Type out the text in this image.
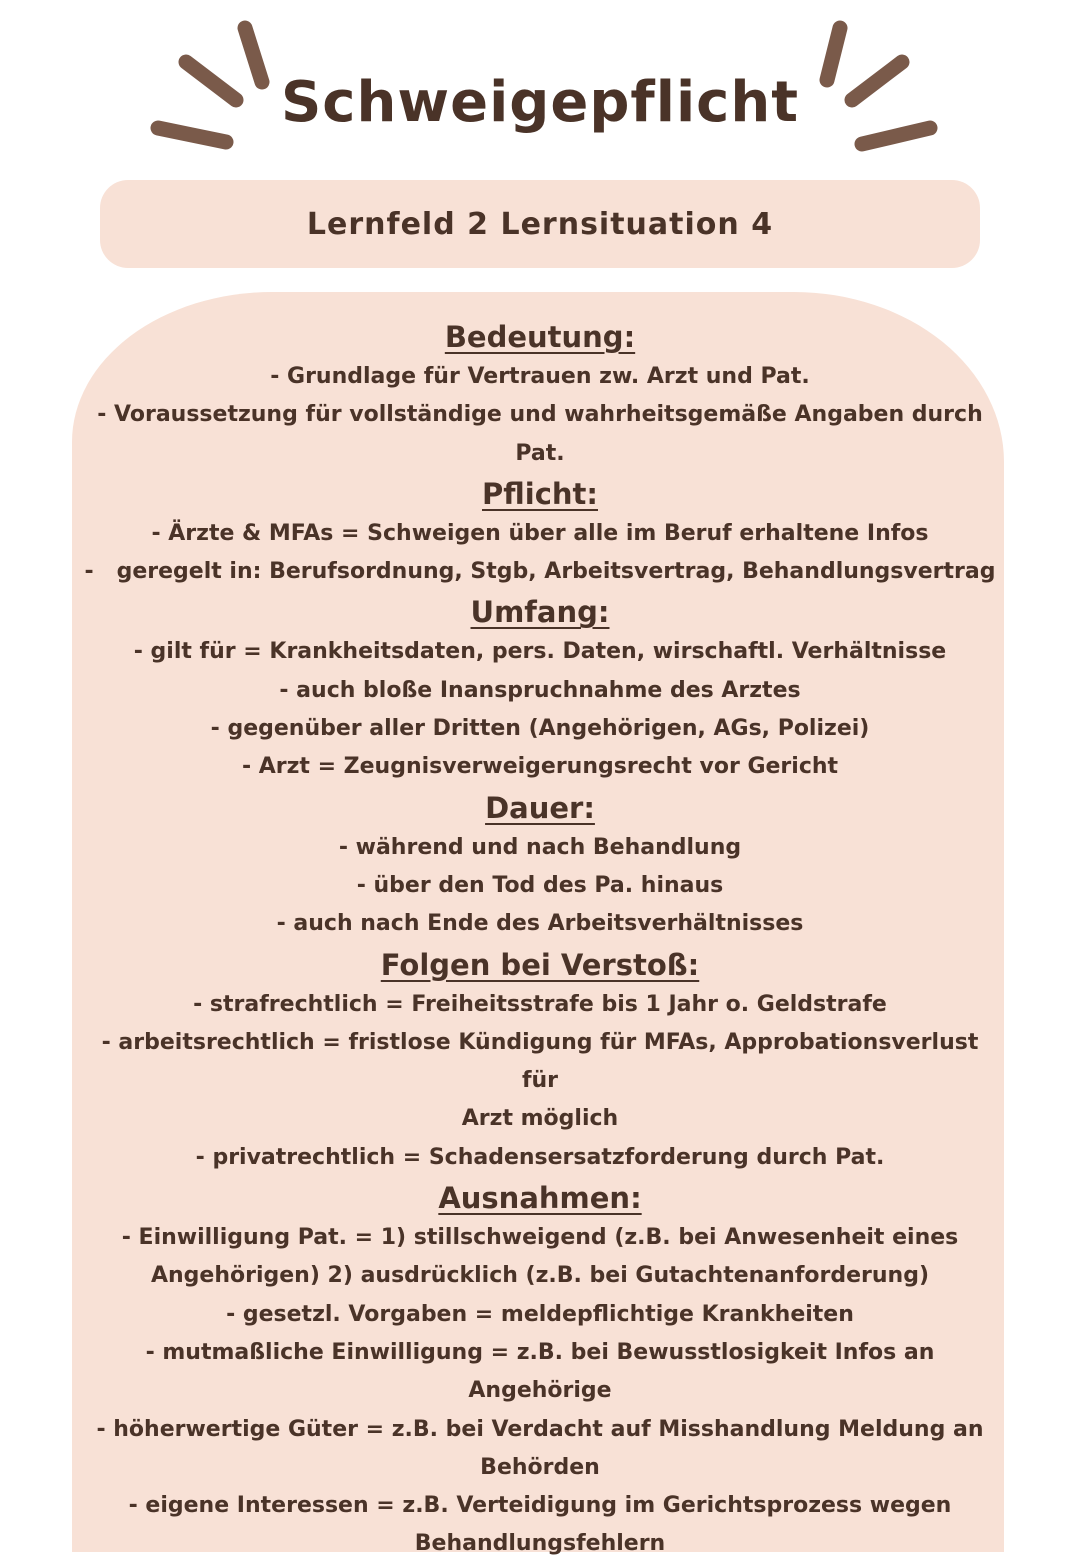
Schweigepflicht
Lernfeld 2 Lernsituation 4

Bedeutung:

- Grundlage für Vertrauen zw. Arzt und Pat.

- Voraussetzung für vollständige und wahrheitsgemäße Angaben durch

Pat.

Pflicht:

- Ärzte & MFAs = Schweigen über alle im Beruf erhaltene Infos

-   geregelt in: Berufsordnung, Stgb, Arbeitsvertrag, Behandlungsvertrag

Umfang:

- gilt für = Krankheitsdaten, pers. Daten, wirschaftl. Verhältnisse

- auch bloße Inanspruchnahme des Arztes

- gegenüber aller Dritten (Angehörigen, AGs, Polizei)

- Arzt = Zeugnisverweigerungsrecht vor Gericht

Dauer:

- während und nach Behandlung

- über den Tod des Pa. hinaus

- auch nach Ende des Arbeitsverhältnisses

Folgen bei Verstoß:

- strafrechtlich = Freiheitsstrafe bis 1 Jahr o. Geldstrafe

- arbeitsrechtlich = fristlose Kündigung für MFAs, Approbationsverlust für

Arzt möglich

- privatrechtlich = Schadensersatzforderung durch Pat.

Ausnahmen:

- Einwilligung Pat. = 1) stillschweigend (z.B. bei Anwesenheit eines

Angehörigen) 2) ausdrücklich (z.B. bei Gutachtenanforderung)

- gesetzl. Vorgaben = meldepflichtige Krankheiten

- mutmaßliche Einwilligung = z.B. bei Bewusstlosigkeit Infos an Angehörige

- höherwertige Güter = z.B. bei Verdacht auf Misshandlung Meldung an

Behörden

- eigene Interessen = z.B. Verteidigung im Gerichtsprozess wegen

Behandlungsfehlern
